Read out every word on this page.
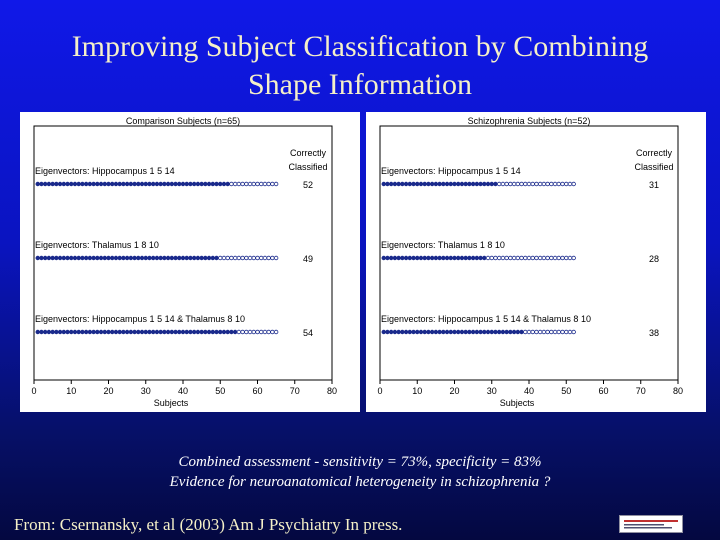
Improving Subject Classification by Combining
Shape Information
Comparison Subjects (n=65)
Correctly
Classified
Eigenvectors: Hippocampus 1 5 14
52
Eigenvectors: Thalamus 1 8 10
49
Eigenvectors: Hippocampus 1 5 14 & Thalamus 8 10
54
0	10	20	30	40	50	60	70	80
Subjects
Schizophrenia Subjects (n=52)
Correctly
Classified
Eigenvectors: Hippocampus 1 5 14
31
Eigenvectors: Thalamus 1 8 10
28
Eigenvectors: Hippocampus 1 5 14 & Thalamus 8 10
38
0	10	20	30	40	50	60	70	80
Subjects
Combined assessment - sensitivity = 73%, specificity = 83%
Evidence for neuroanatomical heterogeneity in schizophrenia ?
From: Csernansky, et al (2003) Am J Psychiatry In press.
